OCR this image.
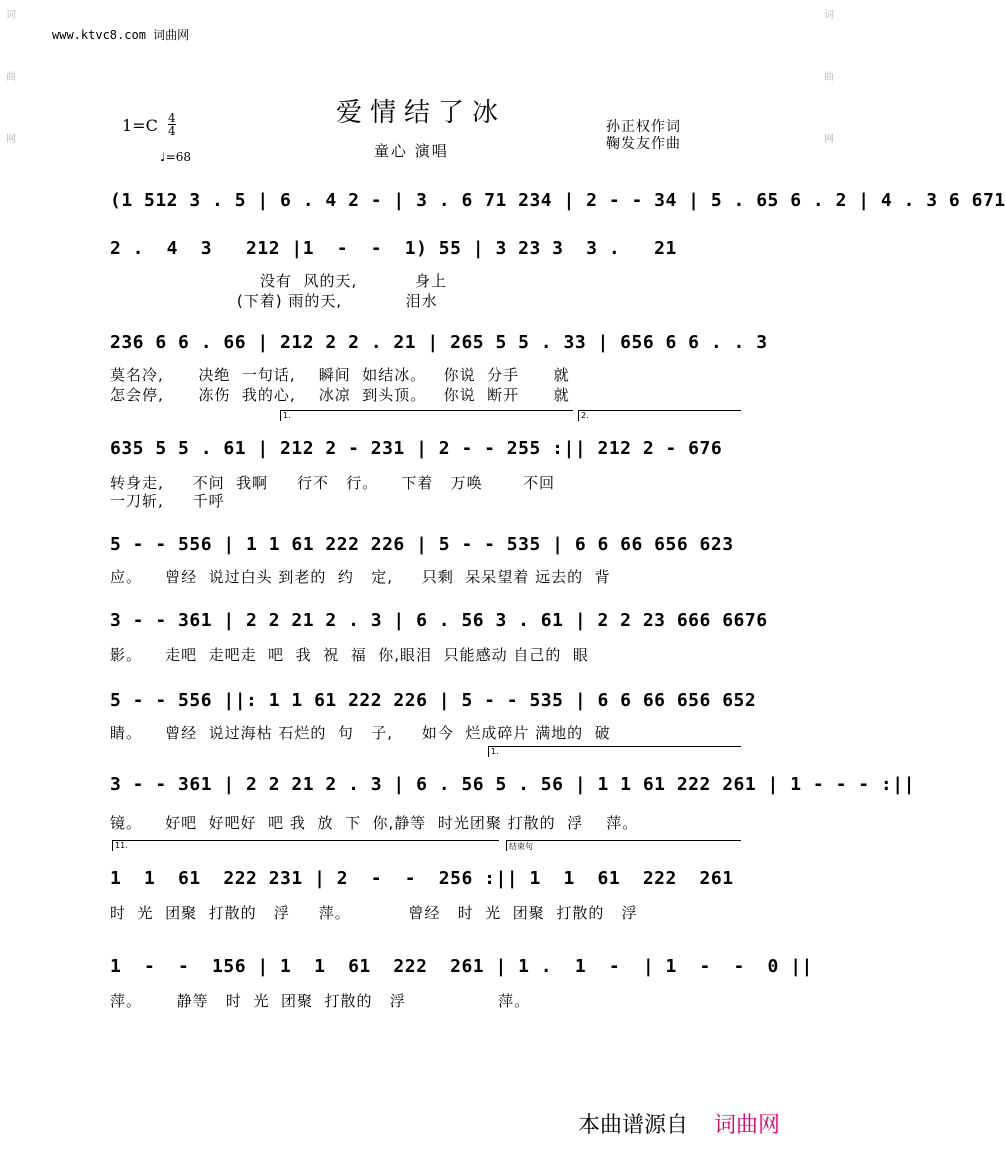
词
曲
网
词
曲
网
www.ktvc8.com 词曲网
爱情结了冰
1=C 4
4
♩=68	童心 演唱
孙正权作词
鞠发友作曲
(1 512 3 . 5 | 6 . 4 2 - | 3 . 6 71 234 | 2 - - 34 | 5 . 65 6 . 2 | 4 . 3 6 671
2 .  4  3   212 |1  -  -  1) 55 | 3 23 3  3 .   21
没有  风的天,          身上
(下着) 雨的天,           泪水
236 6 6 . 66 | 212 2 2 . 21 | 265 5 5 . 33 | 656 6 6 . . 3
莫名冷,      决绝  一句话,    瞬间  如结冰。   你说  分手      就
怎会停,      冻伤  我的心,    冰凉  到头顶。   你说  断开      就
1.	2.
635 5 5 . 61 | 212 2 - 231 | 2 - - 255 :|| 212 2 - 676
转身走,     不问  我啊     行不   行。    下着   万唤       不回
一刀斩,     千呼
5 - - 556 | 1 1 61 222 226 | 5 - - 535 | 6 6 66 656 623
应。    曾经  说过白头 到老的  约   定,     只剩  呆呆望着 远去的  背
3 - - 361 | 2 2 21 2 . 3 | 6 . 56 3 . 61 | 2 2 23 666 6676
影。    走吧  走吧走  吧  我  祝  福  你,眼泪  只能感动 自己的  眼
5 - - 556 ||: 1 1 61 222 226 | 5 - - 535 | 6 6 66 656 652
睛。    曾经  说过海枯 石烂的  句   子,     如今  烂成碎片 满地的  破
1.
3 - - 361 | 2 2 21 2 . 3 | 6 . 56 5 . 56 | 1 1 61 222 261 | 1 - - - :||
镜。    好吧  好吧好  吧 我  放  下  你,静等  时光团聚 打散的  浮    萍。
11.	结束句
1  1  61  222 231 | 2  -  -  256 :|| 1  1  61  222  261
时  光  团聚  打散的   浮     萍。          曾经   时  光  团聚  打散的   浮
1  -  -  156 | 1  1  61  222  261 | 1 .  1  -  | 1  -  -  0 ||
萍。      静等   时  光  团聚  打散的   浮                萍。
本曲谱源自 词曲网
